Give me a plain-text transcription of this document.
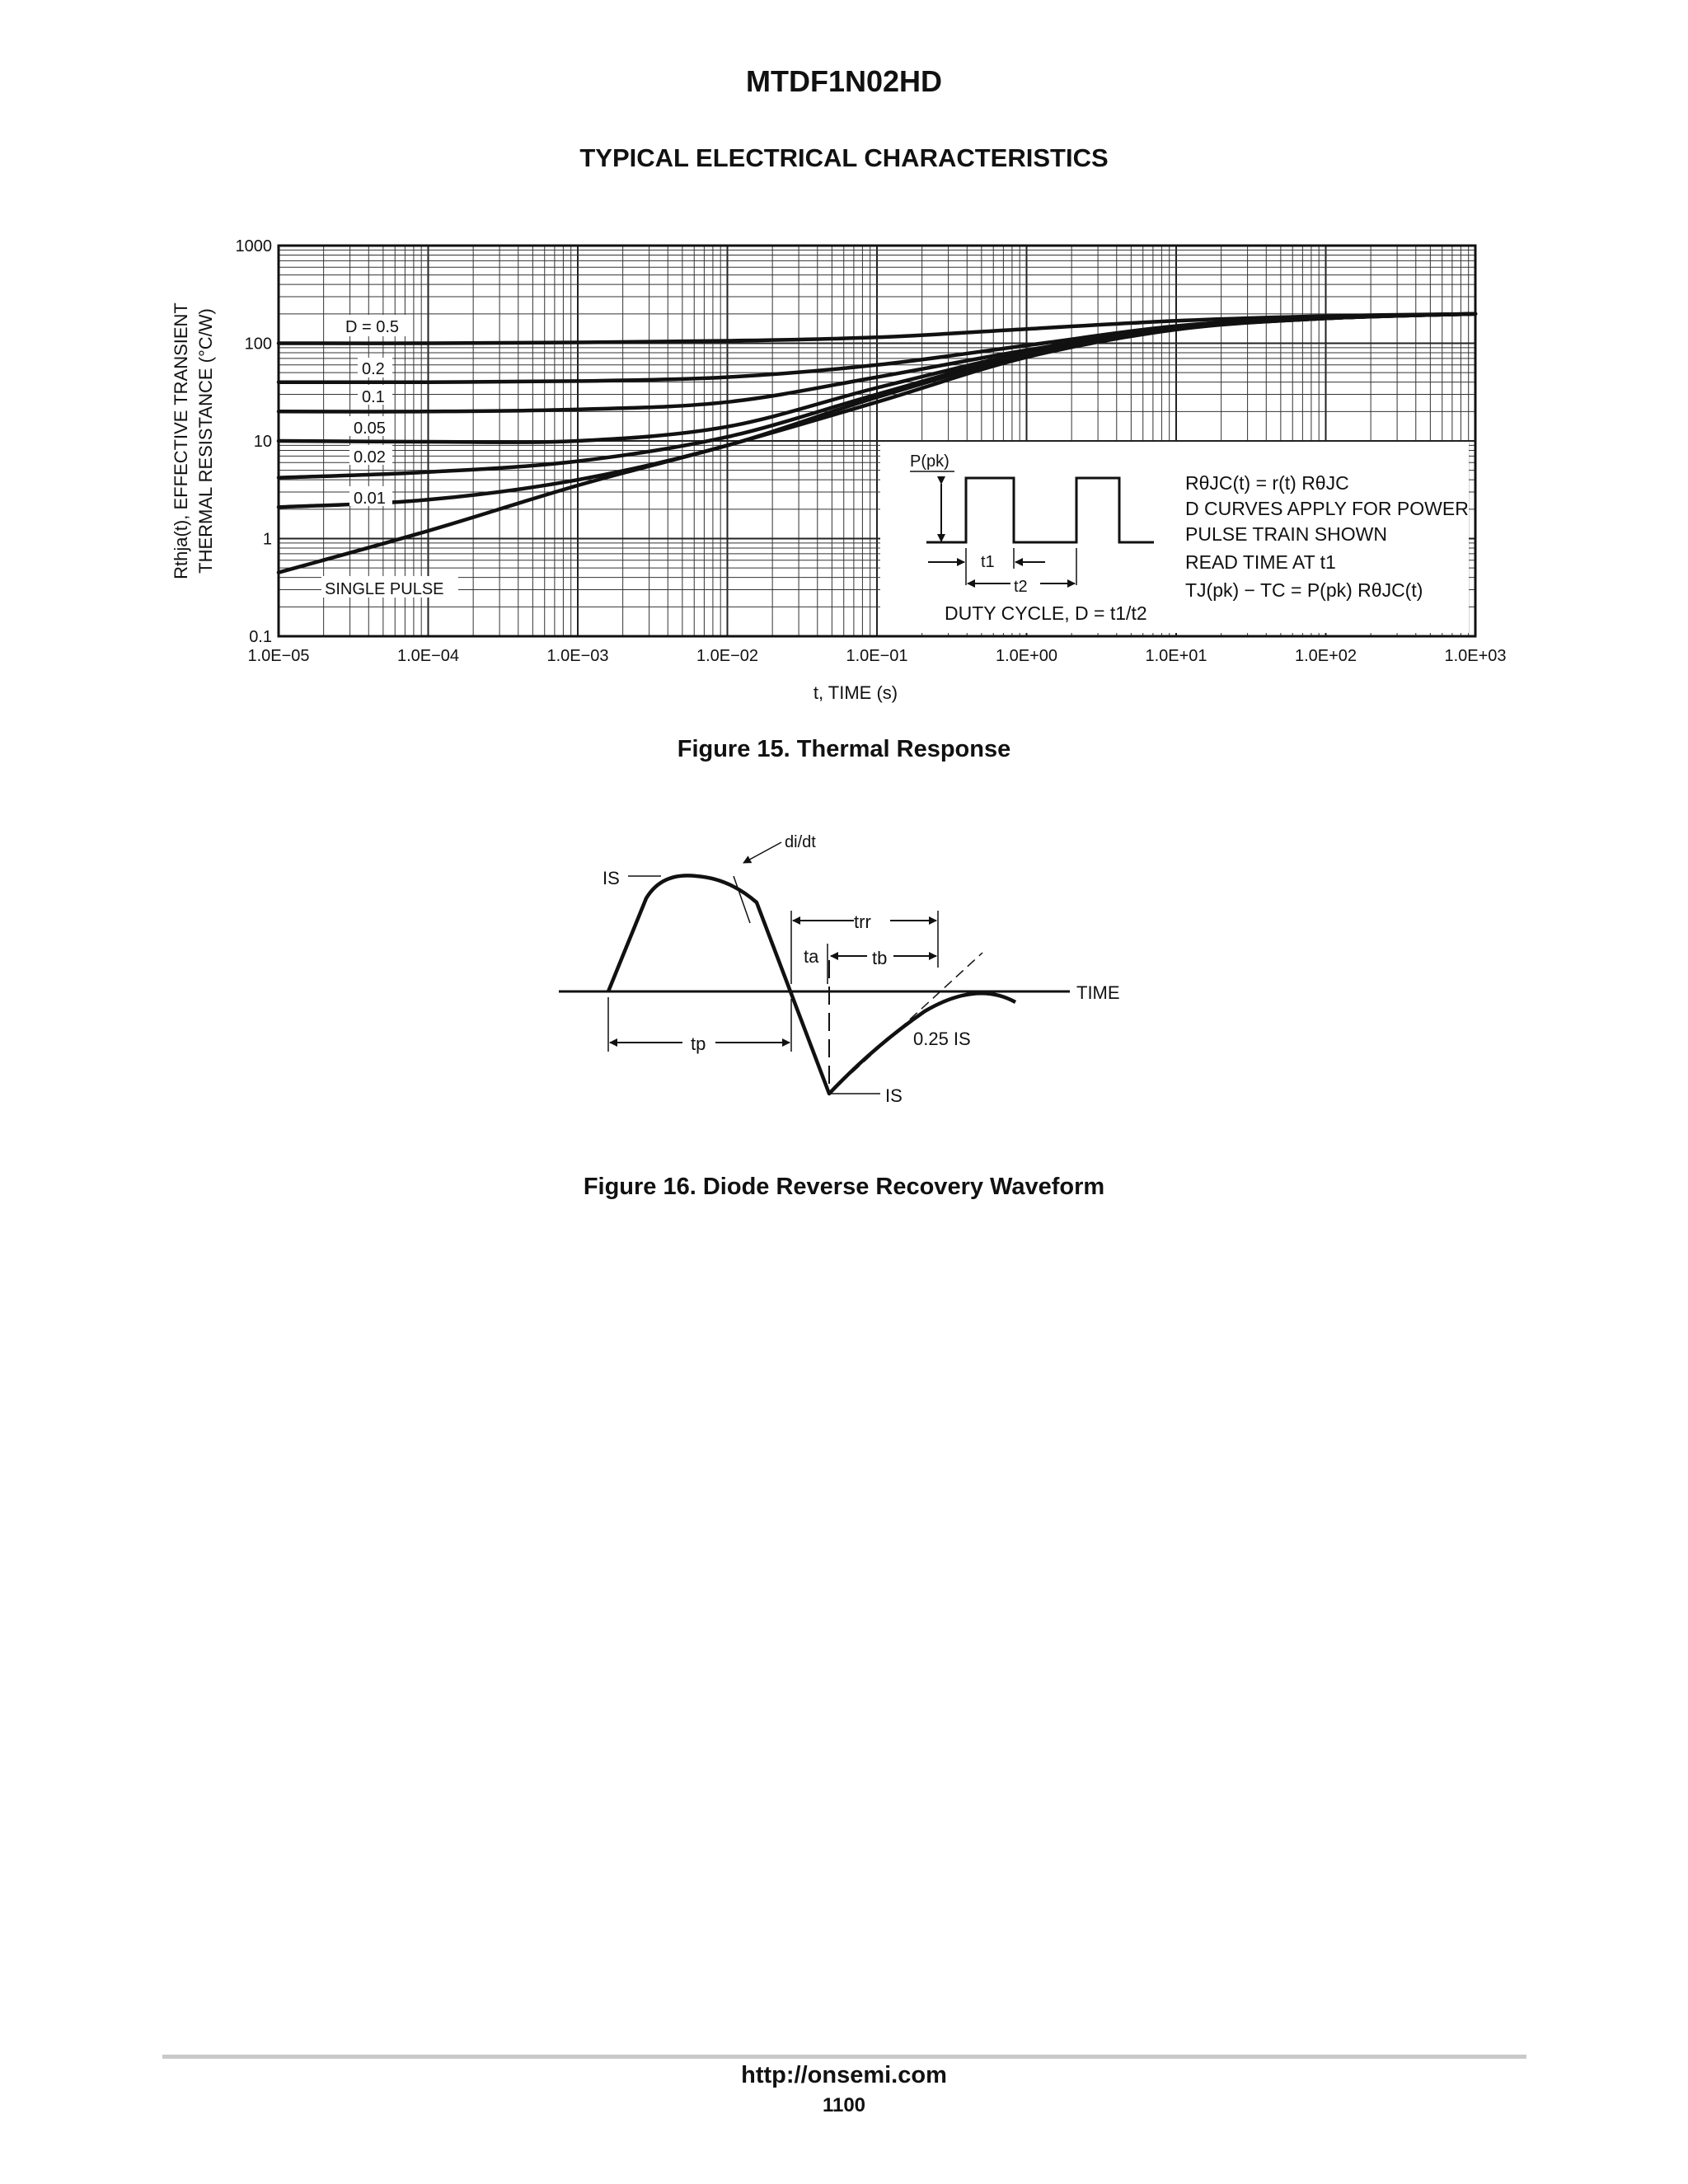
MTDF1N02HD
TYPICAL ELECTRICAL CHARACTERISTICS
1.0E−05	1.0E−04	1.0E−03	1.0E−02	1.0E−01	1.0E+00	1.0E+01	1.0E+02	1.0E+03
0.1
1
10
100
1000
t, TIME (s)
Rthja(t), EFFECTIVE TRANSIENT THERMAL RESISTANCE (°C/W)	D = 0.5
0.2
0.1
0.05
0.02
0.01
SINGLE PULSE
P(pk)
t1
t2
DUTY CYCLE, D = t1/t2
RθJC(t) = r(t) RθJC
D CURVES APPLY FOR POWER
PULSE TRAIN SHOWN
READ TIME AT t1
TJ(pk) − TC = P(pk) RθJC(t)
TIME
IS
di/dt
trr
ta	tb
tp	0.25 IS
IS
Figure 15. Thermal Response
Figure 16. Diode Reverse Recovery Waveform
http://onsemi.com
1100
